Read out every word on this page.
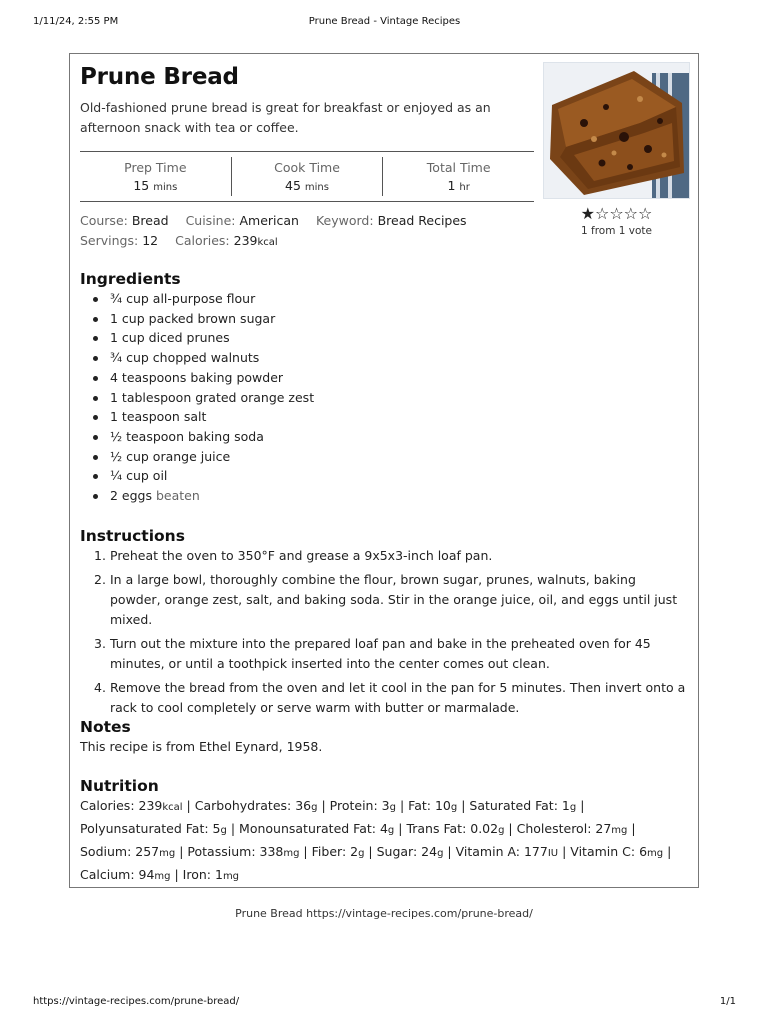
1/11/24, 2:55 PM	Prune Bread - Vintage Recipes
Prune Bread

Old-fashioned prune bread is great for breakfast or enjoyed as an afternoon snack with tea or coffee.

★☆☆☆☆
1 from 1 vote
Prep Time
15 mins
Cook Time
45 mins
Total Time
1 hr
Course: Bread Cuisine: American Keyword: Bread Recipes
Servings: 12 Calories: 239kcal
Ingredients
¾ cup all-purpose flour
1 cup packed brown sugar
1 cup diced prunes
¾ cup chopped walnuts
4 teaspoons baking powder
1 tablespoon grated orange zest
1 teaspoon salt
½ teaspoon baking soda
½ cup orange juice
¼ cup oil
2 eggs beaten
Instructions
1. Preheat the oven to 350°F and grease a 9x5x3-inch loaf pan.
2. In a large bowl, thoroughly combine the flour, brown sugar, prunes, walnuts, baking powder, orange zest, salt, and baking soda. Stir in the orange juice, oil, and eggs until just mixed.
3. Turn out the mixture into the prepared loaf pan and bake in the preheated oven for 45 minutes, or until a toothpick inserted into the center comes out clean.
4. Remove the bread from the oven and let it cool in the pan for 5 minutes. Then invert onto a rack to cool completely or serve warm with butter or marmalade.
Notes

This recipe is from Ethel Eynard, 1958.

Nutrition
Calories: 239kcal | Carbohydrates: 36g | Protein: 3g | Fat: 10g | Saturated Fat: 1g | Polyunsaturated Fat: 5g | Monounsaturated Fat: 4g | Trans Fat: 0.02g | Cholesterol: 27mg | Sodium: 257mg | Potassium: 338mg | Fiber: 2g | Sugar: 24g | Vitamin A: 177IU | Vitamin C: 6mg | Calcium: 94mg | Iron: 1mg
Prune Bread https://vintage-recipes.com/prune-bread/
https://vintage-recipes.com/prune-bread/	1/1
